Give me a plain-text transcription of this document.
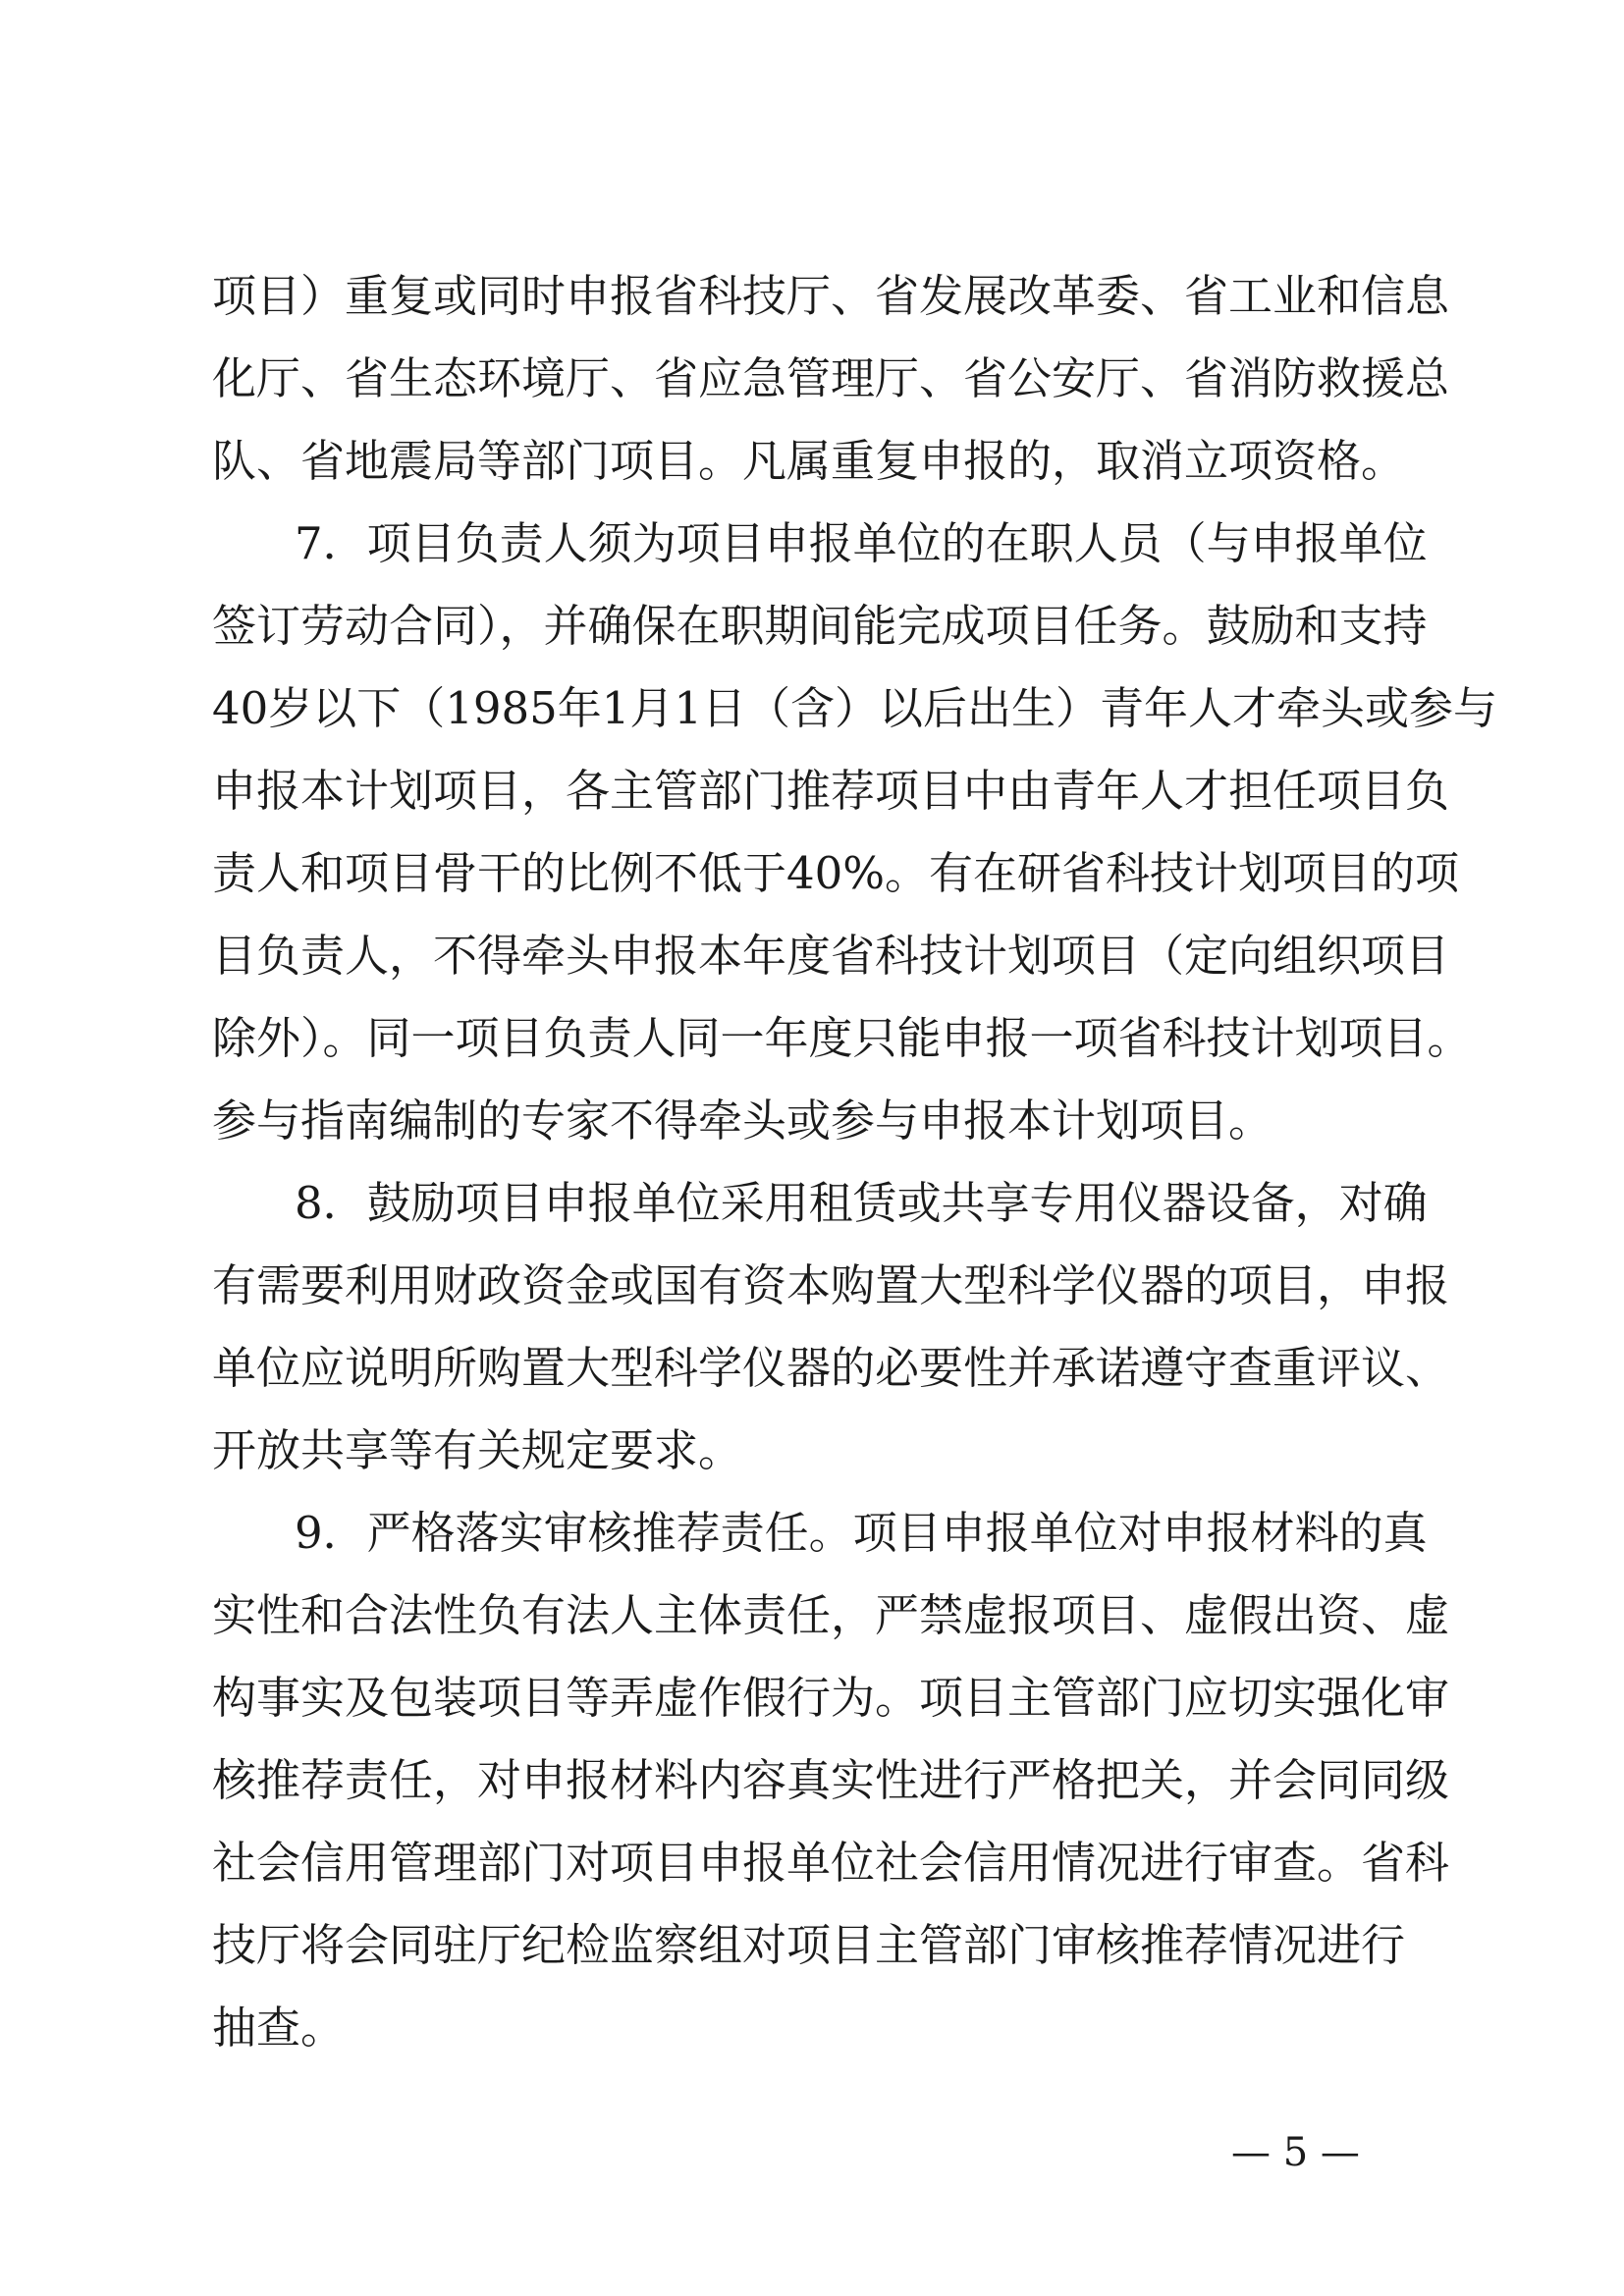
项目）重复或同时申报省科技厅、省发展改革委、省工业和信息
化厅、省生态环境厅、省应急管理厅、省公安厅、省消防救援总
队、省地震局等部门项目。凡属重复申报的，取消立项资格。
7．项目负责人须为项目申报单位的在职人员（与申报单位
签订劳动合同），并确保在职期间能完成项目任务。鼓励和支持
40岁以下（1985年1月1日（含）以后出生）青年人才牵头或参与
申报本计划项目，各主管部门推荐项目中由青年人才担任项目负
责人和项目骨干的比例不低于40%。有在研省科技计划项目的项
目负责人，不得牵头申报本年度省科技计划项目（定向组织项目
除外）。同一项目负责人同一年度只能申报一项省科技计划项目。
参与指南编制的专家不得牵头或参与申报本计划项目。
8．鼓励项目申报单位采用租赁或共享专用仪器设备，对确
有需要利用财政资金或国有资本购置大型科学仪器的项目，申报
单位应说明所购置大型科学仪器的必要性并承诺遵守查重评议、
开放共享等有关规定要求。
9．严格落实审核推荐责任。项目申报单位对申报材料的真
实性和合法性负有法人主体责任，严禁虚报项目、虚假出资、虚
构事实及包装项目等弄虚作假行为。项目主管部门应切实强化审
核推荐责任，对申报材料内容真实性进行严格把关，并会同同级
社会信用管理部门对项目申报单位社会信用情况进行审查。省科
技厅将会同驻厅纪检监察组对项目主管部门审核推荐情况进行
抽查。
— 5 —
